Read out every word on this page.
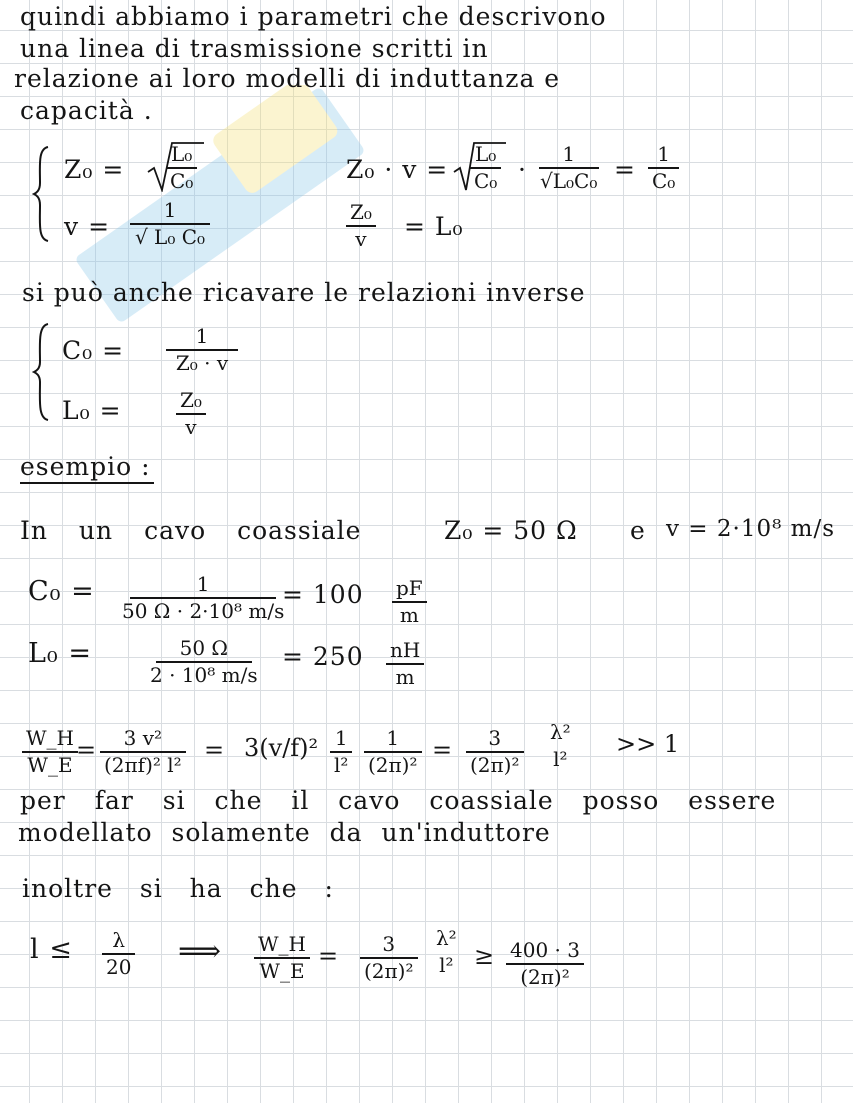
quindi abbiamo i parametri che descrivono
una linea di trasmissione scritti in
relazione ai loro modelli di induttanza e
capacità .
Z₀ =
L₀
C₀
v =
1
√ L₀ C₀
Z₀ · v =
L₀
C₀ ·
1
√L₀C₀ =
1
C₀
Z₀
v = L₀
si può anche ricavare le relazioni inverse
C₀ =	1
Z₀ · v
L₀ =	Z₀
v
esempio :
In un cavo coassiale	Z₀ = 50 Ω e v = 2·10⁸ m/s
C₀ =	1
50 Ω · 2·10⁸ m/s
= 100 pF
m
L₀ =	50 Ω
2 · 10⁸ m/s
= 250 nH
m
W_H
W_E
= 3 v²
(2πf)² l²
= 3(v/f)² 1
l²
1
(2π)²
= 3
(2π)²
λ²
l²
>> 1
per far si che il cavo coassiale posso essere
modellato solamente da un'induttore
inoltre si ha che :
l ≤ λ
20 ⟹ W_H
W_E
= 3
(2π)²
λ²
l² ≥ 400 · 3
(2π)²
